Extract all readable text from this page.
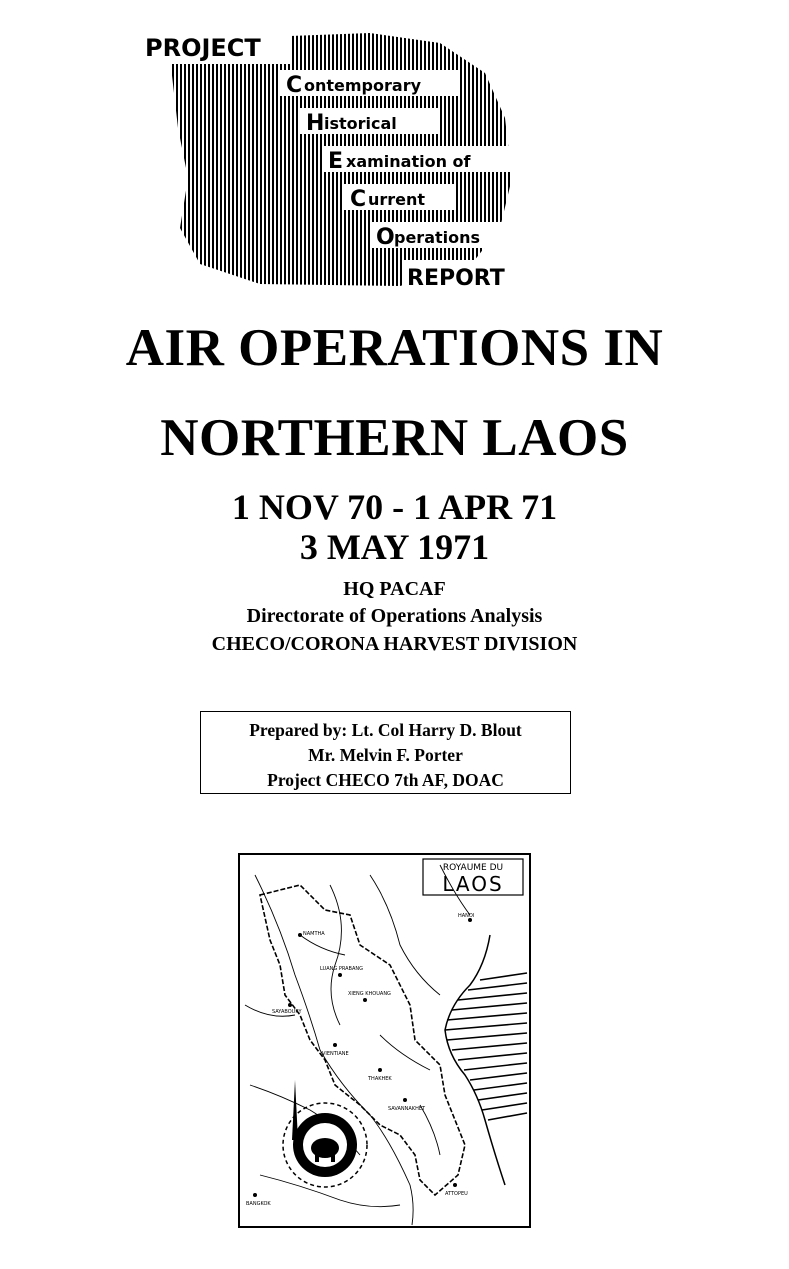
PROJECT
C ontemporary
H istorical
E xamination of
C urrent
O perations
REPORT
AIR OPERATIONS IN
NORTHERN LAOS
1 NOV 70 - 1 APR 71
3 MAY 1971
HQ PACAF
Directorate of Operations Analysis
CHECO/CORONA HARVEST DIVISION
Prepared by: Lt. Col Harry D. Blout
Mr. Melvin F. Porter
Project CHECO 7th AF, DOAC
ROYAUME DU
LAOS
NAMTHA
HANOI
LUANG PRABANG
SAYABOURY
XIENG KHOUANG
VIENTIANE
THAKHEK
SAVANNAKHET
ATTOPEU
BANGKOK
